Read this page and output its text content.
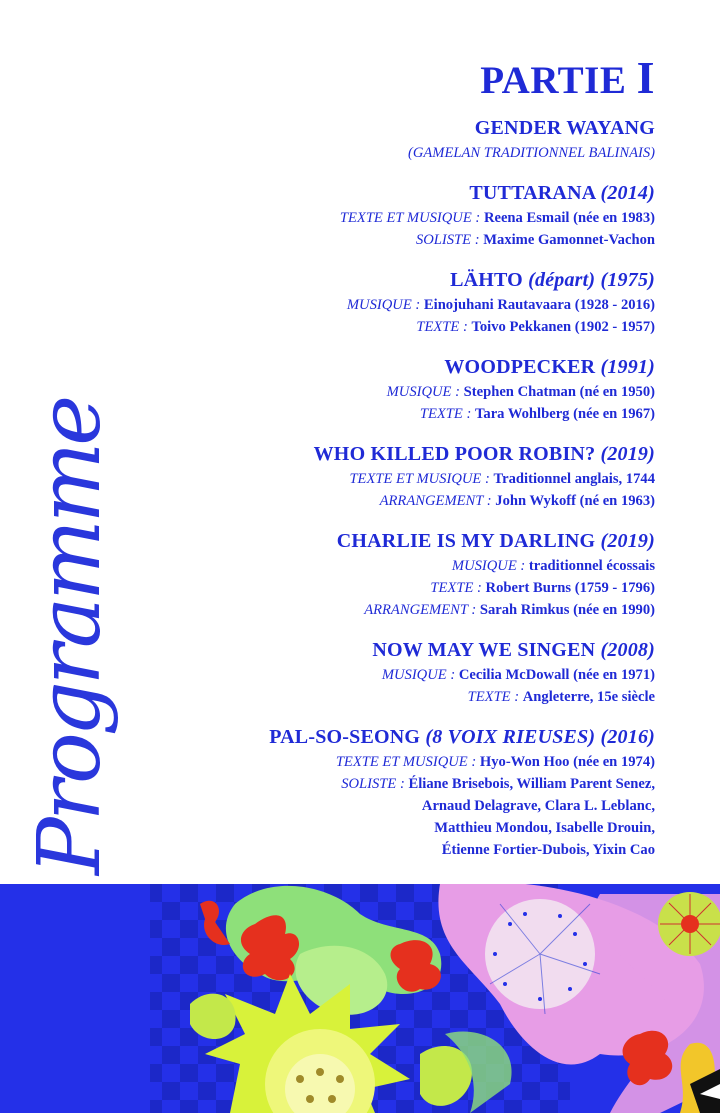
Programme
PARTIE I
GENDER WAYANG
(GAMELAN TRADITIONNEL BALINAIS)
TUTTARANA (2014)
TEXTE ET MUSIQUE : Reena Esmail (née en 1983)
SOLISTE : Maxime Gamonnet-Vachon
LÄHTO (départ) (1975)
MUSIQUE : Einojuhani Rautavaara (1928 - 2016)
TEXTE : Toivo Pekkanen (1902 - 1957)
WOODPECKER (1991)
MUSIQUE : Stephen Chatman (né en 1950)
TEXTE : Tara Wohlberg (née en 1967)
WHO KILLED POOR ROBIN? (2019)
TEXTE ET MUSIQUE : Traditionnel anglais, 1744
ARRANGEMENT : John Wykoff (né en 1963)
CHARLIE IS MY DARLING (2019)
MUSIQUE : traditionnel écossais
TEXTE : Robert Burns (1759 - 1796)
ARRANGEMENT : Sarah Rimkus (née en 1990)
NOW MAY WE SINGEN (2008)
MUSIQUE : Cecilia McDowall (née en 1971)
TEXTE : Angleterre, 15e siècle
PAL-SO-SEONG (8 VOIX RIEUSES) (2016)
TEXTE ET MUSIQUE : Hyo-Won Hoo (née en 1974)
SOLISTE : Éliane Brisebois, William Parent Senez,
Arnaud Delagrave, Clara L. Leblanc,
Matthieu Mondou, Isabelle Drouin,
Étienne Fortier-Dubois, Yixin Cao
